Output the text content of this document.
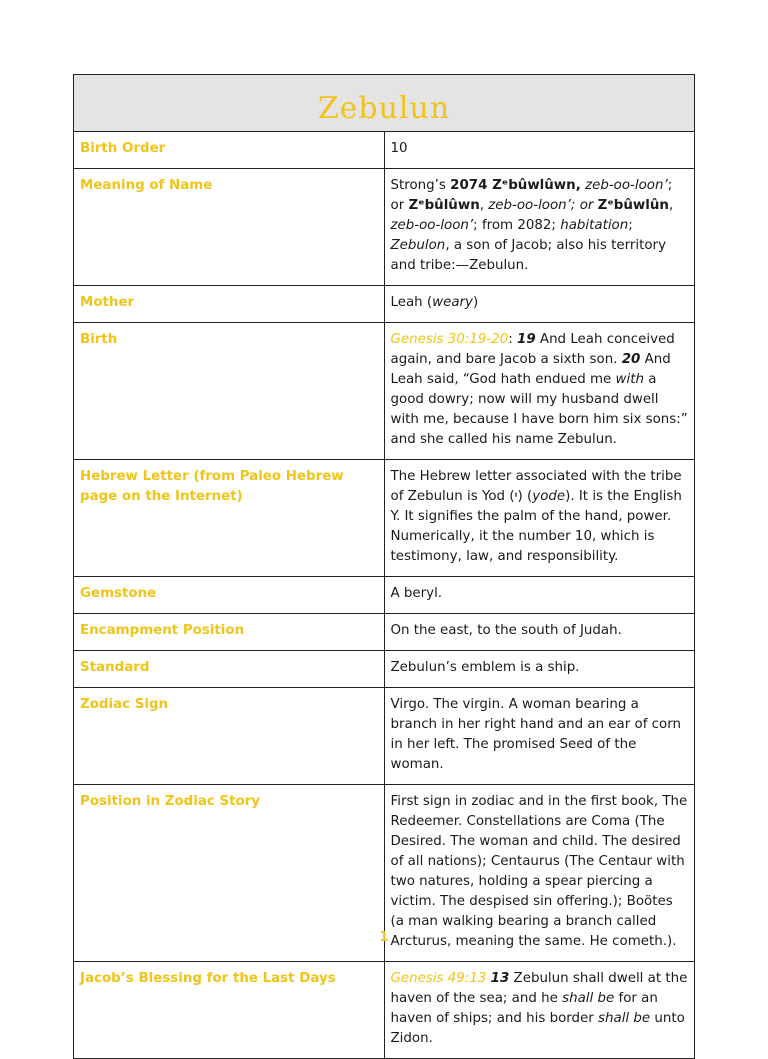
Zebulun	
Birth Order	10
Meaning of Name	Strong’s 2074 Zᵉbûwlûwn, zeb-oo-loon’; or Zᵉbûlûwn, zeb-oo-loon’; or Zᵉbûwlûn, zeb-oo-loon’; from 2082; habitation; Zebulon, a son of Jacob; also his territory and tribe:—Zebulun.
Mother	Leah (weary)
Birth	Genesis 30:19-20: 19 And Leah conceived again, and bare Jacob a sixth son. 20 And Leah said, “God hath endued me with a good dowry; now will my husband dwell with me, because I have born him six sons:” and she called his name Zebulun.
Hebrew Letter (from Paleo Hebrew page on the Internet)	The Hebrew letter associated with the tribe of Zebulun is Yod (י) (yode). It is the English Y. It signifies the palm of the hand, power. Numerically, it the number 10, which is testimony, law, and responsibility.
Gemstone	A beryl.
Encampment Position	On the east, to the south of Judah.
Standard	Zebulun’s emblem is a ship.
Zodiac Sign	Virgo. The virgin. A woman bearing a branch in her right hand and an ear of corn in her left. The promised Seed of the woman.
Position in Zodiac Story	First sign in zodiac and in the first book, The Redeemer. Constellations are Coma (The Desired. The woman and child. The desired of all nations); Centaurus (The Centaur with two natures, holding a spear piercing a victim. The despised sin offering.); Boötes (a man walking bearing a branch called Arcturus, meaning the same. He cometh.).
Jacob’s Blessing for the Last Days	Genesis 49:13 13 Zebulun shall dwell at the haven of the sea; and he shall be for an haven of ships; and his border shall be unto Zidon.
1
